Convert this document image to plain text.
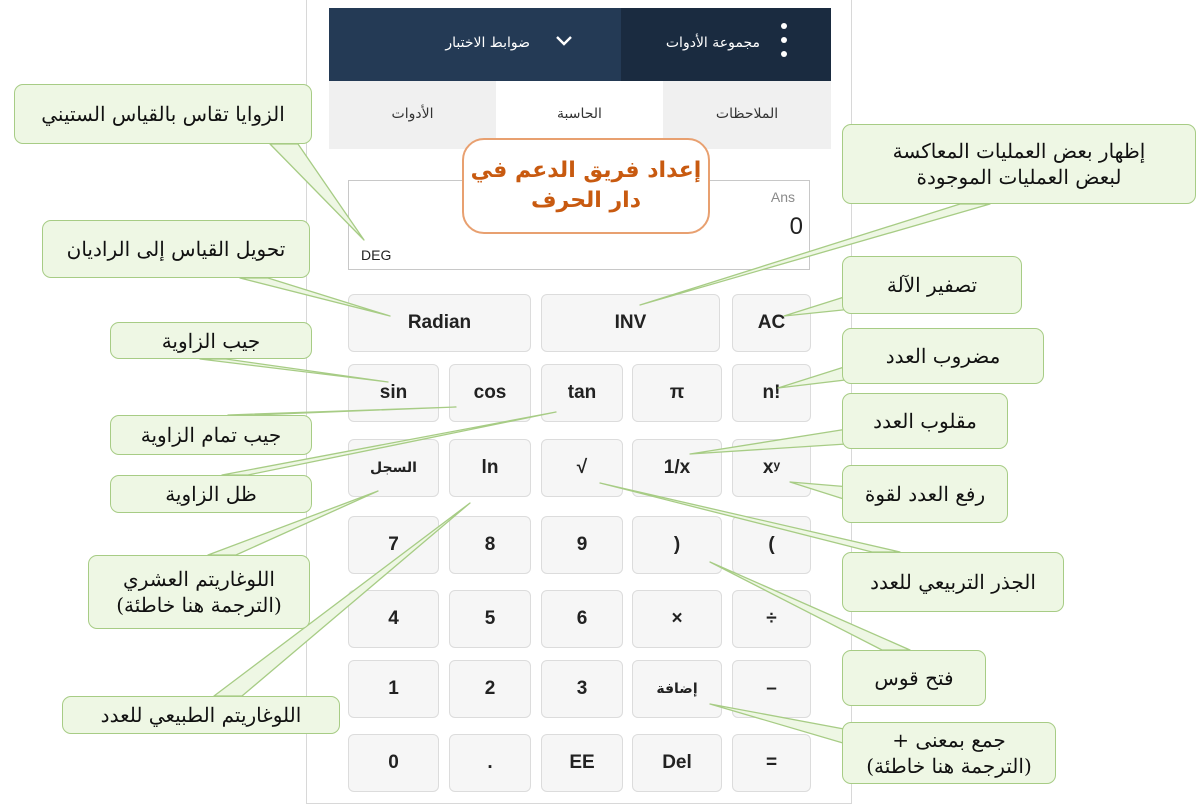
مجموعة الأدوات
ضوابط الاختبار
الملاحظات
الحاسبة
الأدوات
Ans
0
DEG
Radian	INV	AC
sin	cos	tan	π	n!
السجل	ln	√	1/x	$x^y$
7	8	9	)	(
4	5	6	×	÷
1	2	3	إضافة	–
0	.	EE	Del	=
الزوايا تقاس بالقياس الستيني
تحويل القياس إلى الراديان
جيب الزاوية
جيب تمام الزاوية
ظل الزاوية
اللوغاريتم العشري
(الترجمة هنا خاطئة)
اللوغاريتم الطبيعي للعدد
إظهار بعض العمليات المعاكسة
لبعض العمليات الموجودة
تصفير الآلة
مضروب العدد
مقلوب العدد
رفع العدد لقوة
الجذر التربيعي للعدد
فتح قوس
جمع بمعنى +
(الترجمة هنا خاطئة)
إعداد فريق الدعم في
دار الحرف
